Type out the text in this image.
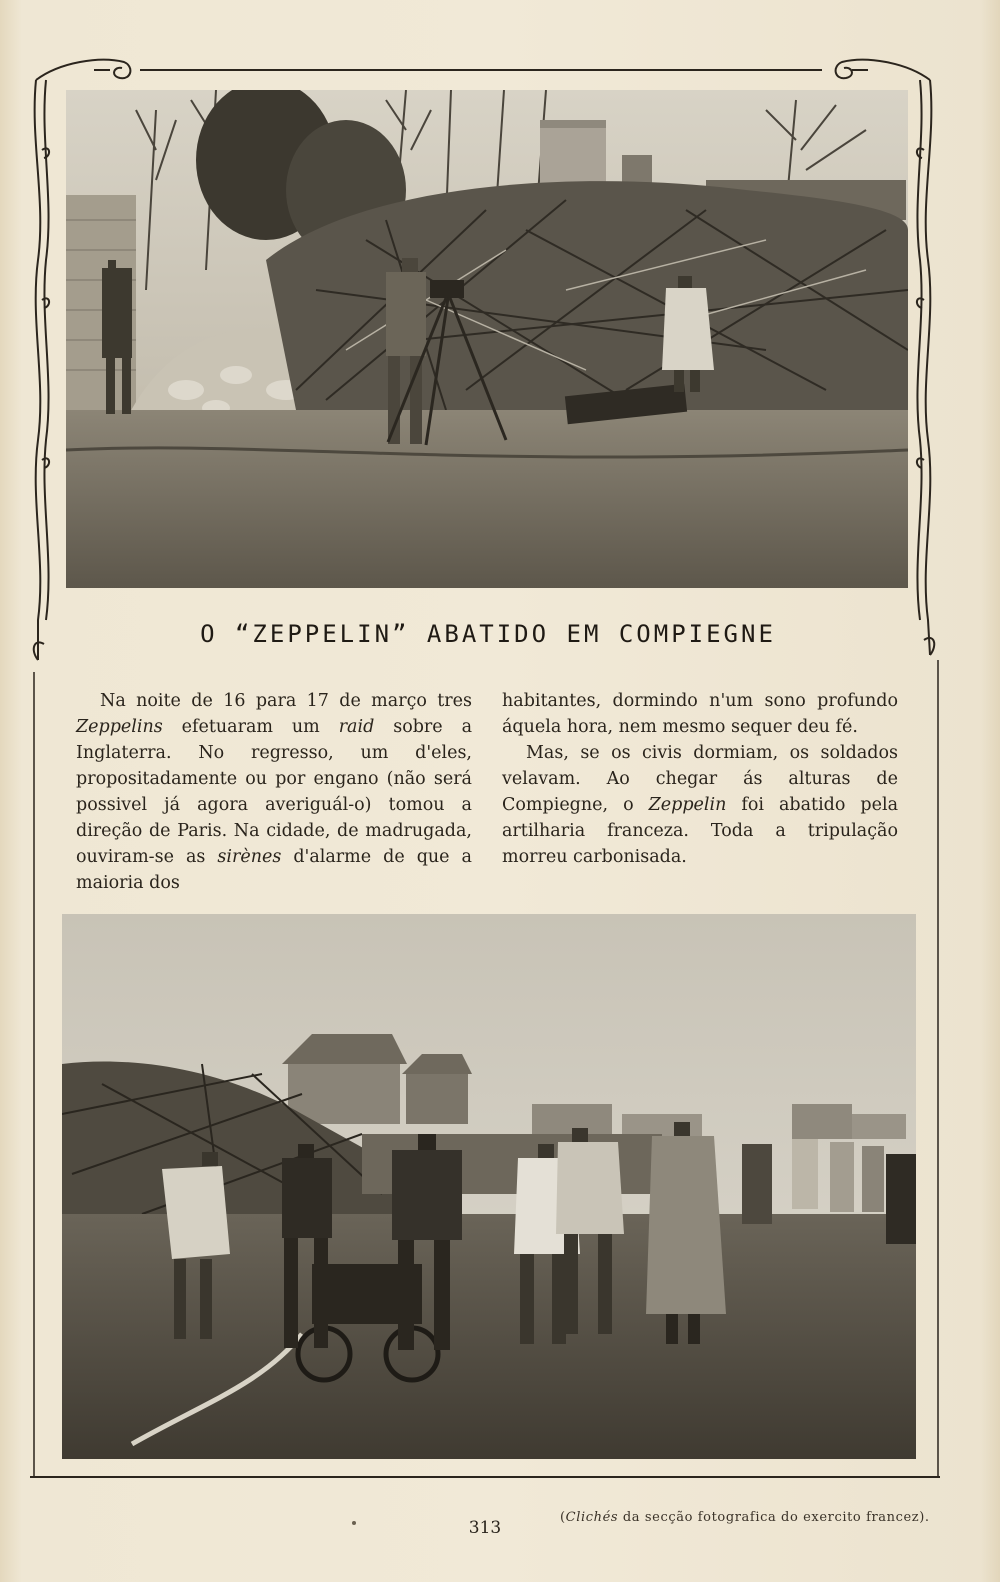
O “ZEPPELIN” ABATIDO EM COMPIEGNE

Na noite de 16 para 17 de março tres Zeppelins efetuaram um raid sobre a Inglaterra. No regresso, um d'eles, propositadamente ou por engano (não será possivel já agora averiguál-o) tomou a direção de Paris. Na cidade, de madrugada, ouviram-se as sirènes d'alarme de que a maioria dos

habitantes, dormindo n'um sono profundo áquela hora, nem mesmo sequer deu fé.

Mas, se os civis dormiam, os soldados velavam. Ao chegar ás alturas de Compiegne, o Zeppelin foi abatido pela artilharia franceza. Toda a tripulação morreu carbonisada.

313
(Clichés da secção fotografica do exercito francez).
